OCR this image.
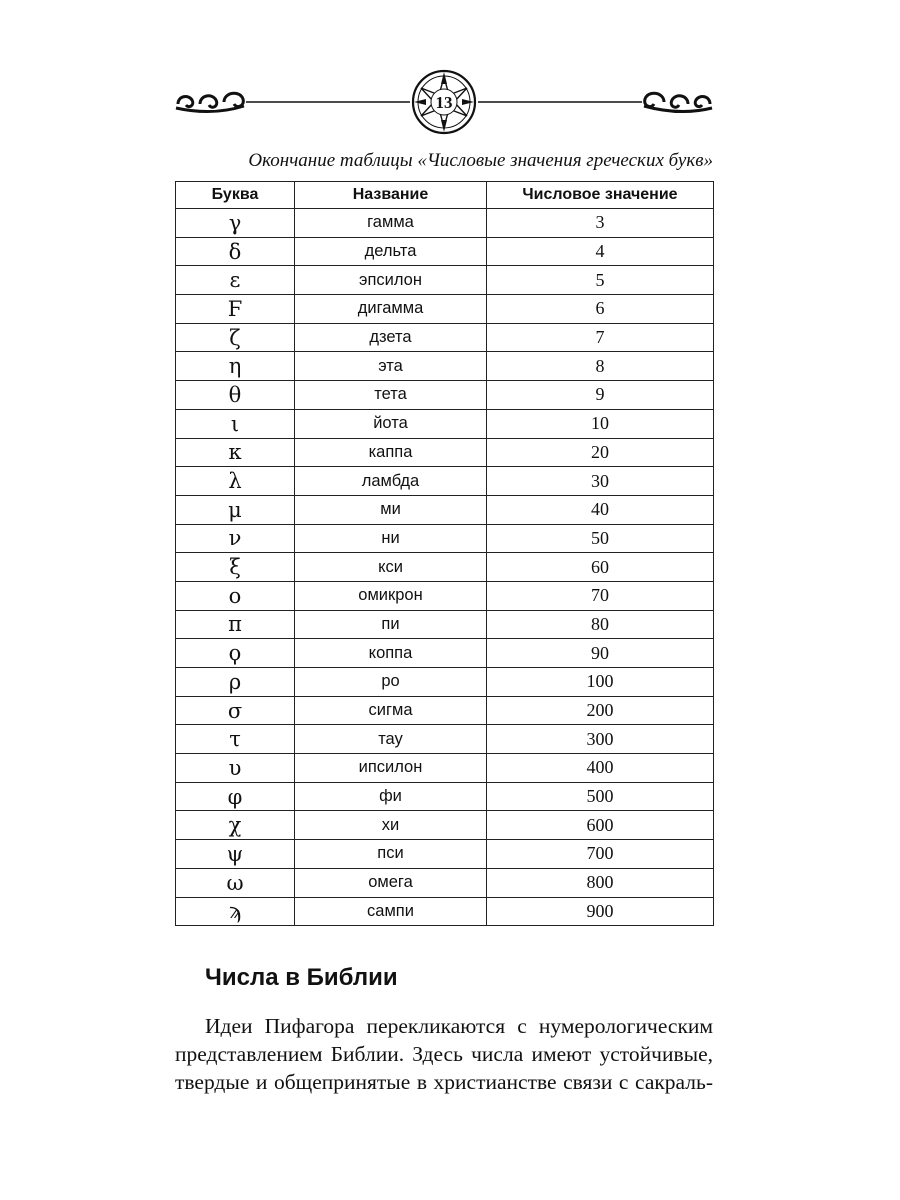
13
Окончание таблицы «Числовые значения греческих букв»
Буква	Название	Числовое значение
γ	гамма	3
δ	дельта	4
ε	эпсилон	5
Ϝ	дигамма	6
ζ	дзета	7
η	эта	8
θ	тета	9
ι	йота	10
κ	каппа	20
λ	ламбда	30
μ	ми	40
ν	ни	50
ξ	кси	60
ο	омикрон	70
π	пи	80
ϙ	коппа	90
ρ	ро	100
σ	сигма	200
τ	тау	300
υ	ипсилон	400
φ	фи	500
χ	хи	600
ψ	пси	700
ω	омега	800
ϡ	сампи	900
Числа в Библии

Идеи Пифагора перекликаются с нумерологическим
представлением Библии. Здесь числа имеют устойчивые,
твердые и общепринятые в христианстве связи с сакраль-
